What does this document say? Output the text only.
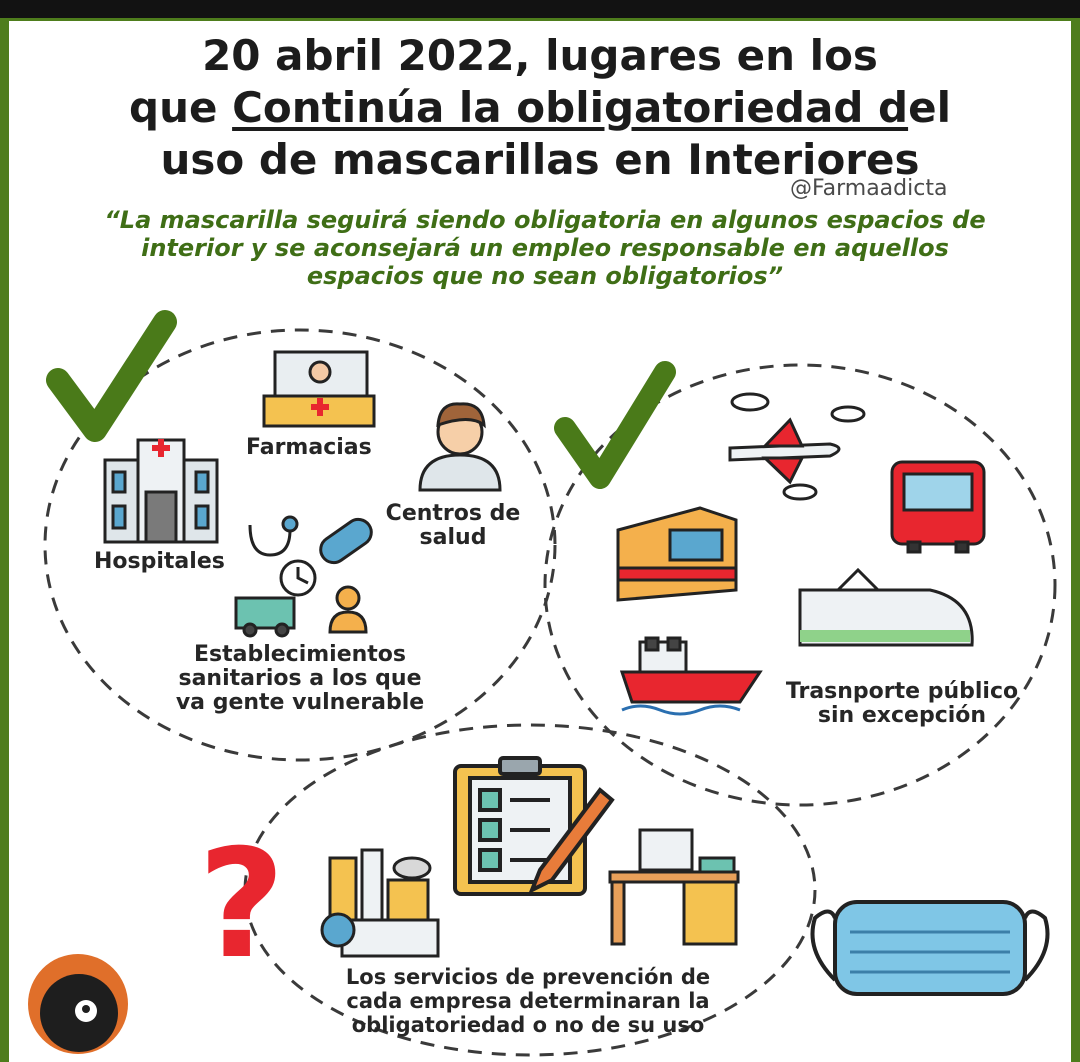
20 abril 2022, lugares en los
que Continúa la obligatoriedad del
uso de mascarillas en Interiores
@Farmaadicta
“La mascarilla seguirá siendo obligatoria en algunos espacios de
interior y se aconsejará un empleo responsable en aquellos
espacios que no sean obligatorios”
?
Farmacias
Hospitales
Centros de
salud
Establecimientos
sanitarios a los que
va gente vulnerable	Trasnporte público
sin excepción
Los servicios de prevención de
cada empresa determinaran la
obligatoriedad o no de su uso
